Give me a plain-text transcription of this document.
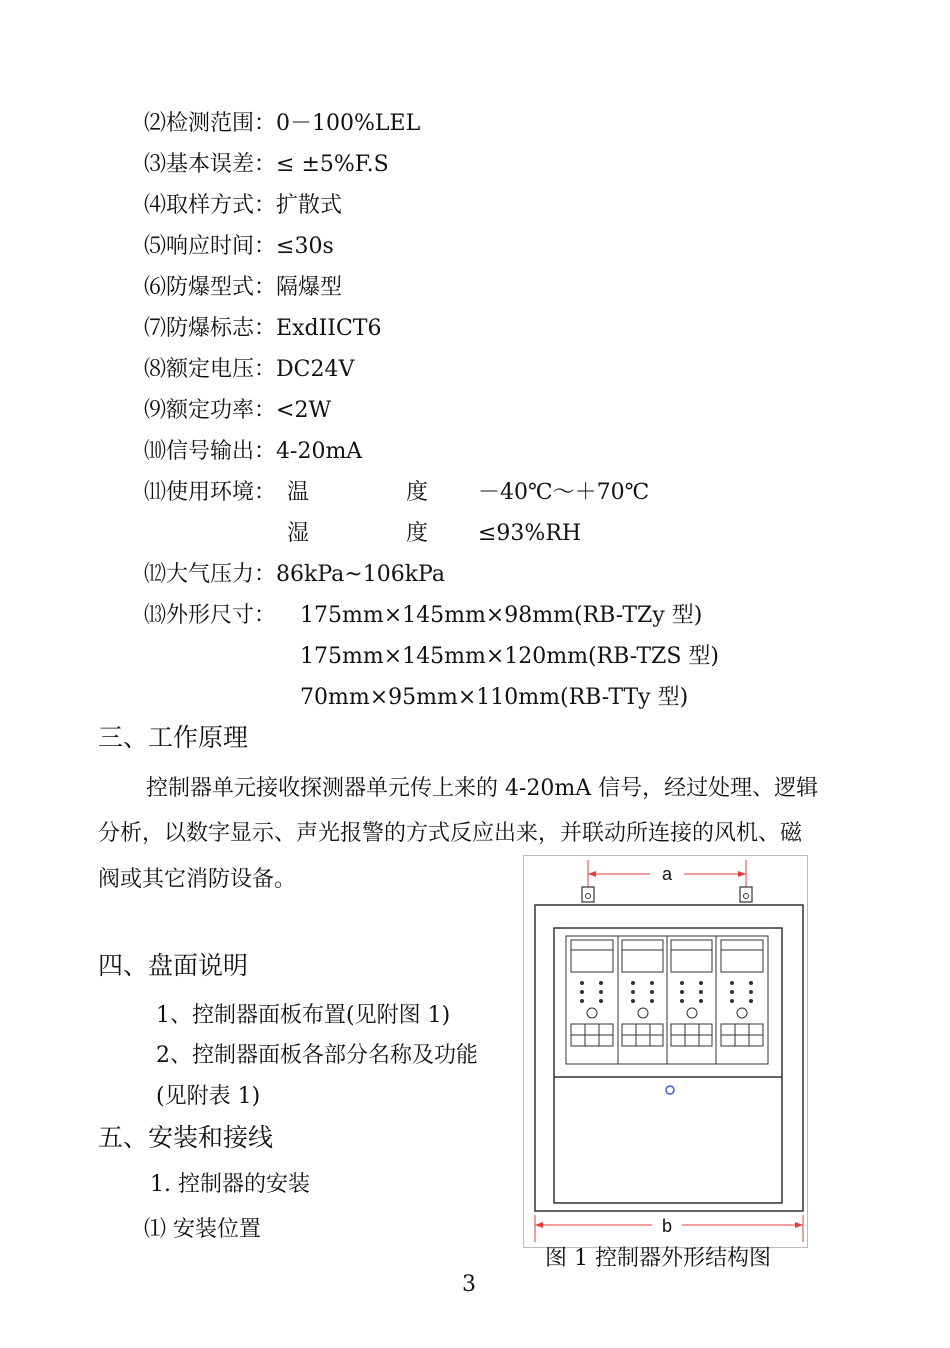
⑵检测范围：0－100%LEL
⑶基本误差：≤ ±5%F.S
⑷取样方式：扩散式
⑸响应时间：≤30s
⑹防爆型式：隔爆型
⑺防爆标志：ExdIICT6
⑻额定电压：DC24V
⑼额定功率：<2W
⑽信号输出：4-20mA
⑾使用环境： 温	度 －40℃～＋70℃
湿	度 ≤93%RH
⑿大气压力：86kPa~106kPa
⒀外形尺寸： 175mm×145mm×98mm(RB-TZy 型)
175mm×145mm×120mm(RB-TZS 型)
70mm×95mm×110mm(RB-TTy 型)
三、工作原理
控制器单元接收探测器单元传上来的 4-20mA 信号，经过处理、逻辑
分析，以数字显示、声光报警的方式反应出来，并联动所连接的风机、磁
阀或其它消防设备。
四、盘面说明
1、控制器面板布置(见附图 1)
2、控制器面板各部分名称及功能
(见附表 1)
五、安装和接线
1. 控制器的安装
⑴ 安装位置
a
b
图 1 控制器外形结构图
3
